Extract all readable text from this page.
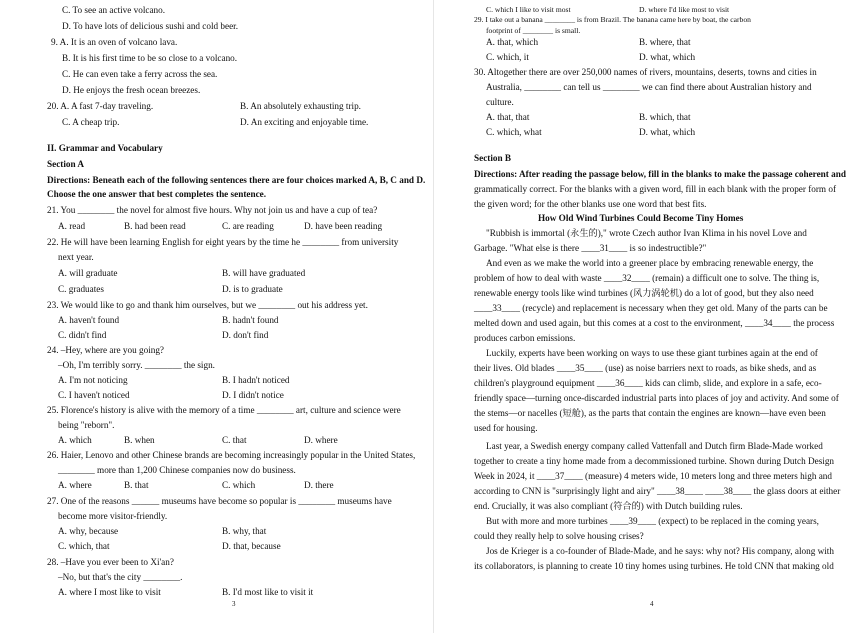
C. To see an active volcano.
D. To have lots of delicious sushi and cold beer.
9. A. It is an oven of volcano lava.
B. It is his first time to be so close to a volcano.
C. He can even take a ferry across the sea.
D. He enjoys the fresh ocean breezes.
20. A. A fast 7-day traveling.	B. An absolutely exhausting trip.
C. A cheap trip.	D. An exciting and enjoyable time.
II. Grammar and Vocabulary
Section A
Directions: Beneath each of the following sentences there are four choices marked A, B, C and D.
Choose the one answer that best completes the sentence.
21. You ________ the novel for almost five hours. Why not join us and have a cup of tea?
A. read	B. had been read	C. are reading	D. have been reading
22. He will have been learning English for eight years by the time he ________ from university
next year.
A. will graduate	B. will have graduated
C. graduates	D. is to graduate
23. We would like to go and thank him ourselves, but we ________ out his address yet.
A. haven't found	B. hadn't found
C. didn't find	D. don't find
24. –Hey, where are you going?
–Oh, I'm terribly sorry. ________ the sign.
A. I'm not noticing	B. I hadn't noticed
C. I haven't noticed	D. I didn't notice
25. Florence's history is alive with the memory of a time ________ art, culture and science were
being "reborn".
A. which	B. when	C. that	D. where
26. Haier, Lenovo and other Chinese brands are becoming increasingly popular in the United States,
________ more than 1,200 Chinese companies now do business.
A. where	B. that	C. which	D. there
27. One of the reasons ______ museums have become so popular is ________ museums have
become more visitor-friendly.
A. why, because	B. why, that
C. which, that	D. that, because
28. –Have you ever been to Xi'an?
–No, but that's the city ________.
A. where I most like to visit	B. I'd most like to visit it
3
C. which I like to visit most	D. where I'd like most to visit
29. I take out a banana ________ is from Brazil. The banana came here by boat, the carbon
footprint of ________ is small.
A. that, which	B. where, that
C. which, it	D. what, which
30. Altogether there are over 250,000 names of rivers, mountains, deserts, towns and cities in
Australia, ________ can tell us ________ we can find there about Australian history and
culture.
A. that, that	B. which, that
C. which, what	D. what, which
Section B
Directions: After reading the passage below, fill in the blanks to make the passage coherent and
grammatically correct. For the blanks with a given word, fill in each blank with the proper form of
the given word; for the other blanks use one word that best fits.
How Old Wind Turbines Could Become Tiny Homes
"Rubbish is immortal (永生的)," wrote Czech author Ivan Klima in his novel Love and
Garbage. "What else is there ____31____ is so indestructible?"
And even as we make the world into a greener place by embracing renewable energy, the
problem of how to deal with waste ____32____ (remain) a difficult one to solve. The thing is,
renewable energy tools like wind turbines (风力涡轮机) do a lot of good, but they also need
____33____ (recycle) and replacement is necessary when they get old. Many of the parts can be
melted down and used again, but this comes at a cost to the environment, ____34____ the process
produces carbon emissions.
Luckily, experts have been working on ways to use these giant turbines again at the end of
their lives. Old blades ____35____ (use) as noise barriers next to roads, as bike sheds, and as
children's playground equipment ____36____ kids can climb, slide, and explore in a safe, eco-
friendly space—turning once-discarded industrial parts into places of joy and activity. And some of
the stems—or nacelles (短舱), as the parts that contain the engines are known—have even been
used for housing.
Last year, a Swedish energy company called Vattenfall and Dutch firm Blade-Made worked
together to create a tiny home made from a decommissioned turbine. Shown during Dutch Design
Week in 2024, it ____37____ (measure) 4 meters wide, 10 meters long and three meters high and
according to CNN is "surprisingly light and airy" ____38____ ____38____ the glass doors at either
end. Crucially, it was also compliant (符合的) with Dutch building rules.
But with more and more turbines ____39____ (expect) to be replaced in the coming years,
could they really help to solve housing crises?
Jos de Krieger is a co-founder of Blade-Made, and he says: why not? His company, along with
its collaborators, is planning to create 10 tiny homes using turbines. He told CNN that making old
4
